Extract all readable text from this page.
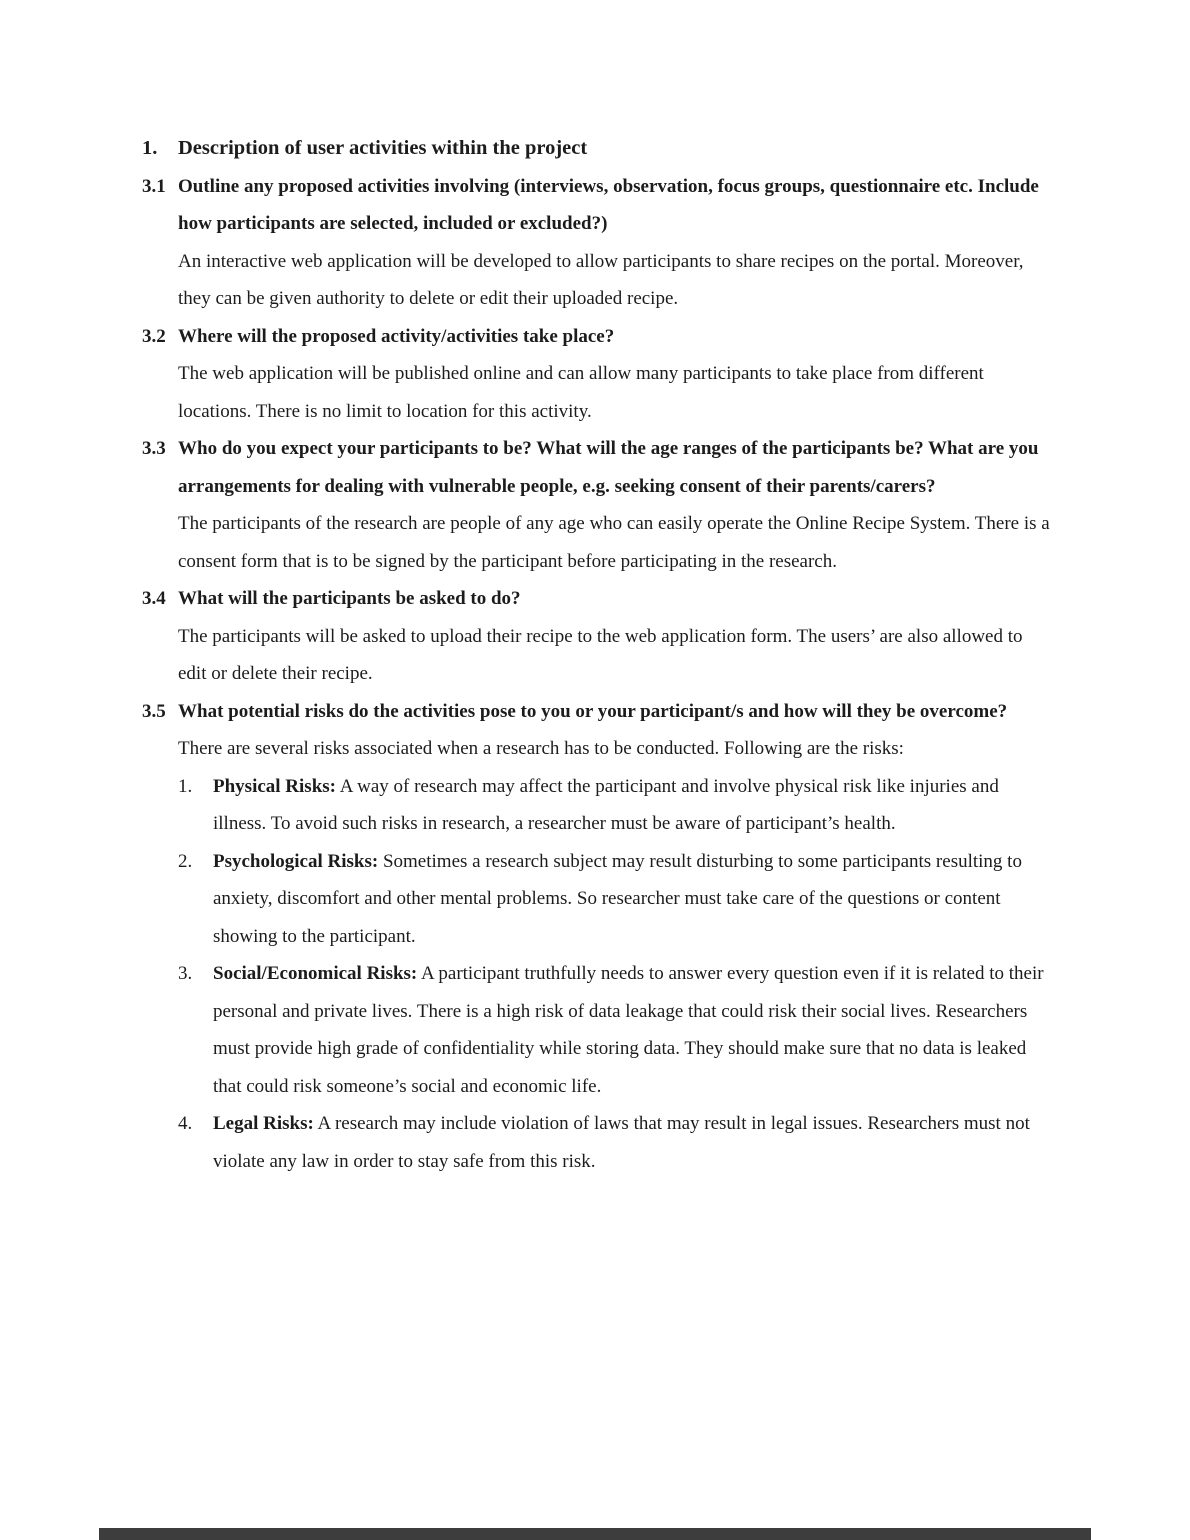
1. Description of user activities within the project
3.1 Outline any proposed activities involving (interviews, observation, focus groups, questionnaire etc. Include how participants are selected, included or excluded?)
An interactive web application will be developed to allow participants to share recipes on the portal. Moreover, they can be given authority to delete or edit their uploaded recipe.
3.2 Where will the proposed activity/activities take place?
The web application will be published online and can allow many participants to take place from different locations. There is no limit to location for this activity.
3.3 Who do you expect your participants to be? What will the age ranges of the participants be? What are you arrangements for dealing with vulnerable people, e.g. seeking consent of their parents/carers?
The participants of the research are people of any age who can easily operate the Online Recipe System. There is a consent form that is to be signed by the participant before participating in the research.
3.4 What will the participants be asked to do?
The participants will be asked to upload their recipe to the web application form. The users’ are also allowed to edit or delete their recipe.
3.5 What potential risks do the activities pose to you or your participant/s and how will they be overcome?
There are several risks associated when a research has to be conducted. Following are the risks:
1. Physical Risks: A way of research may affect the participant and involve physical risk like injuries and illness. To avoid such risks in research, a researcher must be aware of participant’s health.
2. Psychological Risks: Sometimes a research subject may result disturbing to some participants resulting to anxiety, discomfort and other mental problems. So researcher must take care of the questions or content showing to the participant.
3. Social/Economical Risks: A participant truthfully needs to answer every question even if it is related to their personal and private lives. There is a high risk of data leakage that could risk their social lives. Researchers must provide high grade of confidentiality while storing data. They should make sure that no data is leaked that could risk someone’s social and economic life.
4. Legal Risks: A research may include violation of laws that may result in legal issues. Researchers must not violate any law in order to stay safe from this risk.
